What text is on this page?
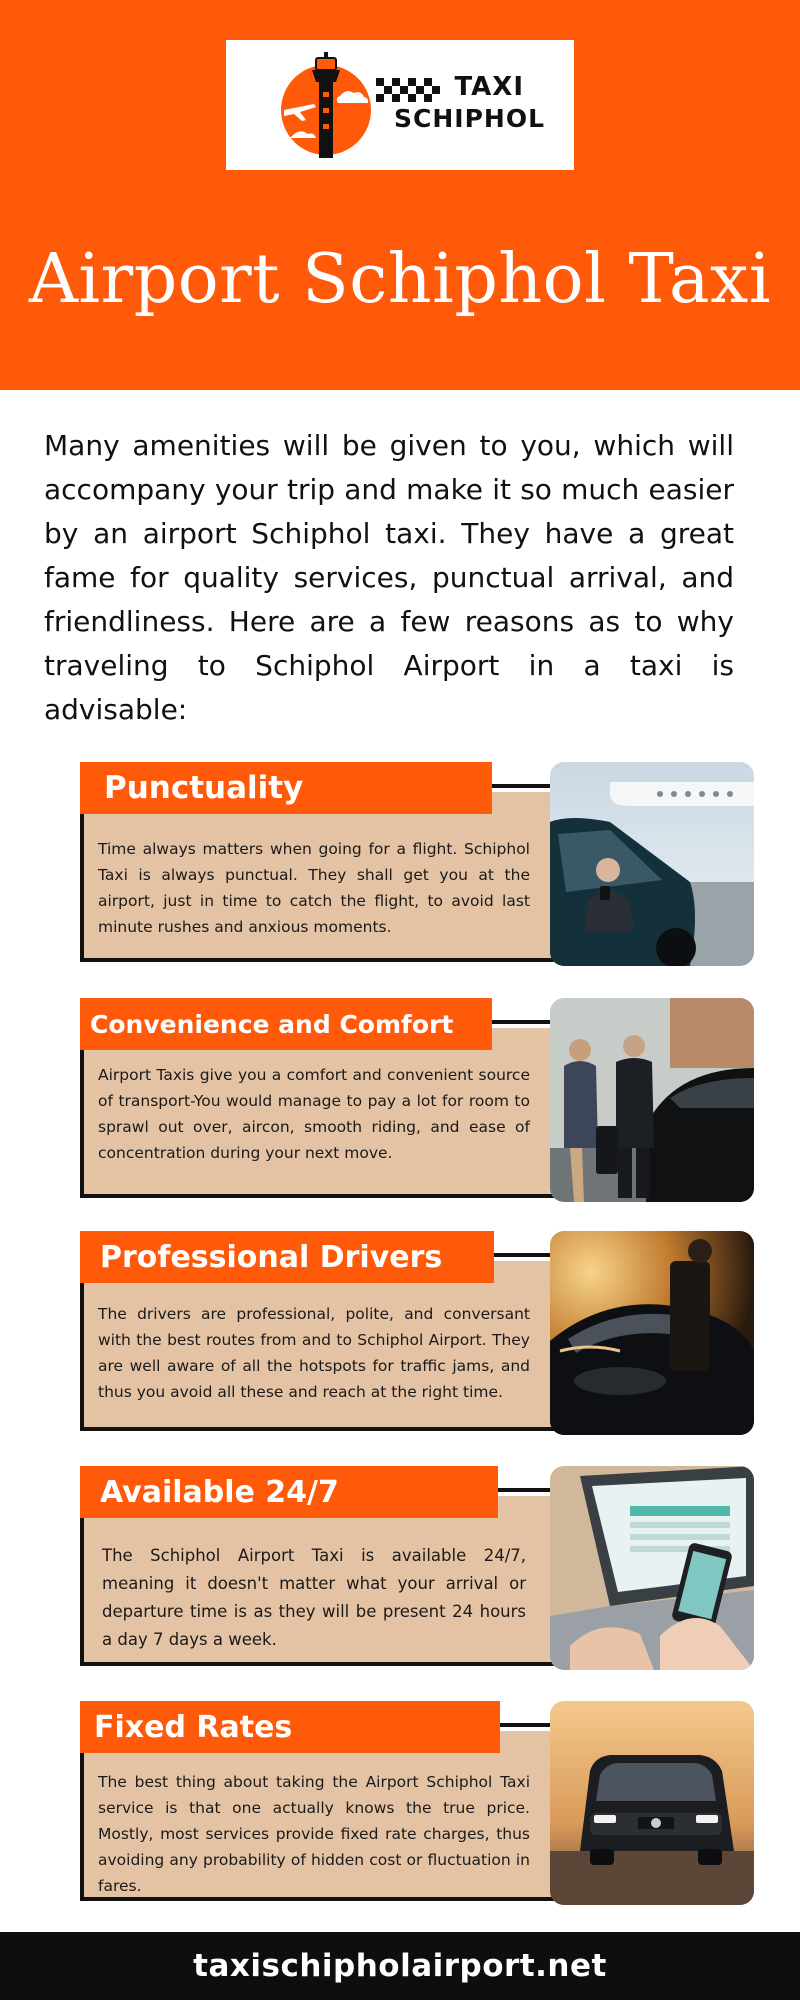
TAXI
SCHIPHOL
Airport Schiphol Taxi

Many amenities will be given to you, which will accompany your trip and make it so much easier by an airport Schiphol taxi. They have a great fame for quality services, punctual arrival, and friendliness. Here are a few reasons as to why traveling to Schiphol Airport in a taxi is advisable:

Punctuality

Time always matters when going for a flight. Schiphol Taxi is always punctual. They shall get you at the airport, just in time to catch the flight, to avoid last minute rushes and anxious moments.

Convenience and Comfort

Airport Taxis give you a comfort and convenient source of transport-You would manage to pay a lot for room to sprawl out over, aircon, smooth riding, and ease of concentration during your next move.

Professional Drivers

The drivers are professional, polite, and conversant with the best routes from and to Schiphol Airport. They are well aware of all the hotspots for traffic jams, and thus you avoid all these and reach at the right time.

Available 24/7

The Schiphol Airport Taxi is available 24/7, meaning it doesn't matter what your arrival or departure time is as they will be present 24 hours a day 7 days a week.

Fixed Rates

The best thing about taking the Airport Schiphol Taxi service is that one actually knows the true price. Mostly, most services provide fixed rate charges, thus avoiding any probability of hidden cost or fluctuation in fares.

taxischipholairport.net
